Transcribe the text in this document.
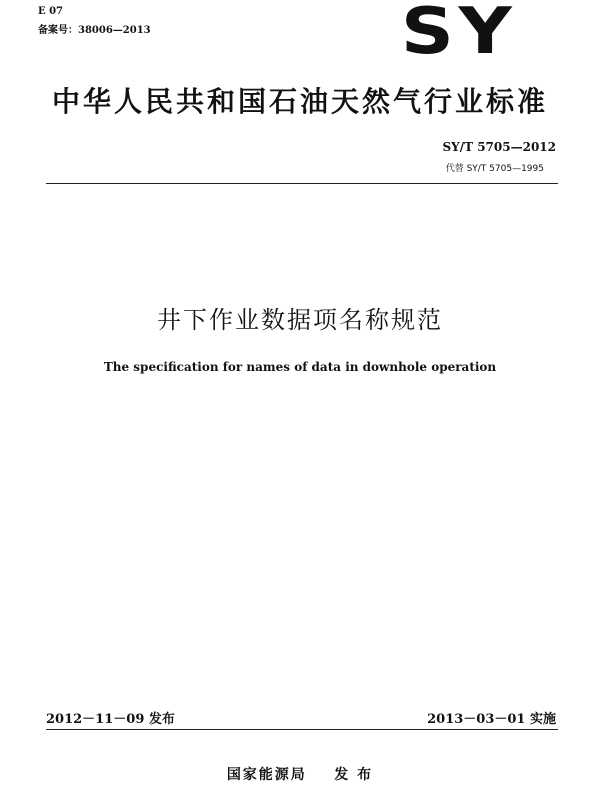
E 07
备案号：38006—2013	SY
中华人民共和国石油天然气行业标准
SY/T 5705—2012
代替 SY/T 5705—1995
井下作业数据项名称规范
The specification for names of data in downhole operation
2012－11－09 发布	2013－03－01 实施
国家能源局    发 布
